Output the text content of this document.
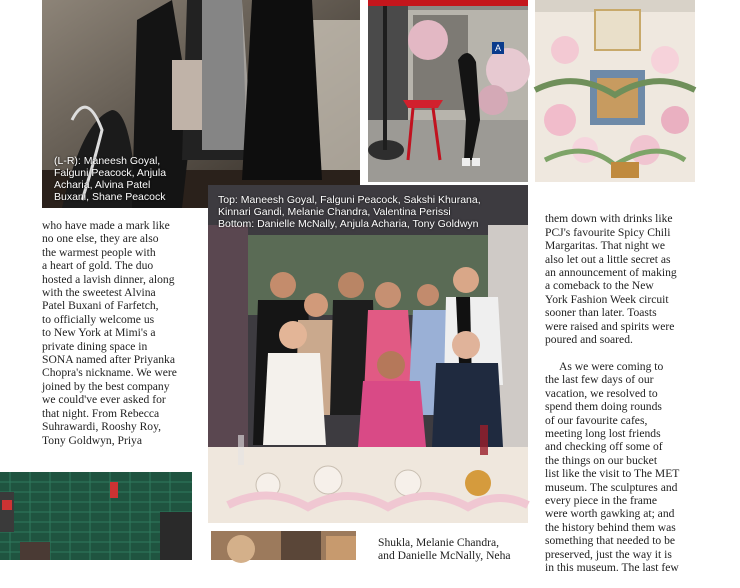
(L-R): Maneesh Goyal,
Falguni Peacock, Anjula
Acharia, Alvina Patel
Buxani, Shane Peacock
A
who have made a mark like
no one else, they are also
the warmest people with
a heart of gold. The duo
hosted a lavish dinner, along
with the sweetest Alvina
Patel Buxani of Farfetch,
to officially welcome us
to New York at Mimi's a
private dining space in
SONA named after Priyanka
Chopra's nickname. We were
joined by the best company
we could've ever asked for
that night. From Rebecca
Suhrawardi, Rooshy Roy,
Tony Goldwyn, Priya
Top: Maneesh Goyal, Falguni Peacock, Sakshi Khurana,
Kinnari Gandi, Melanie Chandra, Valentina Perissi
Bottom: Danielle McNally, Anjula Acharia, Tony Goldwyn	them down with drinks like
PCJ's favourite Spicy Chili
Margaritas. That night we
also let out a little secret as
an announcement of making
a comeback to the New
York Fashion Week circuit
sooner than later. Toasts
were raised and spirits were
poured and soared.

As we were coming to
the last few days of our
vacation, we resolved to
spend them doing rounds
of our favourite cafes,
meeting long lost friends
and checking off some of
the things on our bucket
list like the visit to The MET
museum. The sculptures and
every piece in the frame
were worth gawking at; and
the history behind them was
something that needed to be
preserved, just the way it is
in this museum. The last few

Shukla, Melanie Chandra,
and Danielle McNally, Neha
